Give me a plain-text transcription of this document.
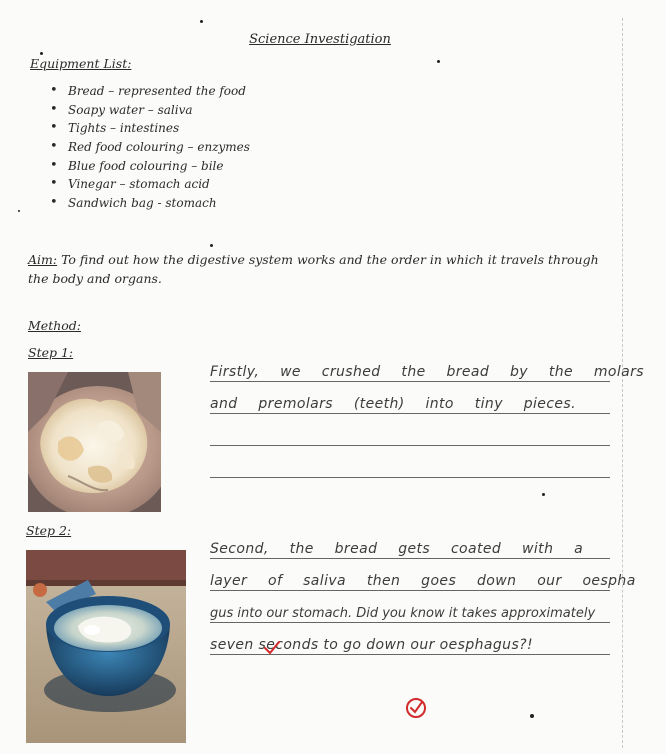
Science Investigation
Equipment List:
• Bread – represented the food
• Soapy water – saliva
• Tights – intestines
• Red food colouring – enzymes
• Blue food colouring – bile
• Vinegar – stomach acid
• Sandwich bag - stomach
Aim: To find out how the digestive system works and the order in which it travels through the body and organs.
Method:
Step 1:
Firstly, we crushed the bread by the molars
and premolars (teeth) into tiny pieces.
Step 2:
Second, the bread gets coated with a
layer of saliva then goes down our oespha
gus into our stomach. Did you know it takes approximately
seven seconds to go down our oesphagus?!
